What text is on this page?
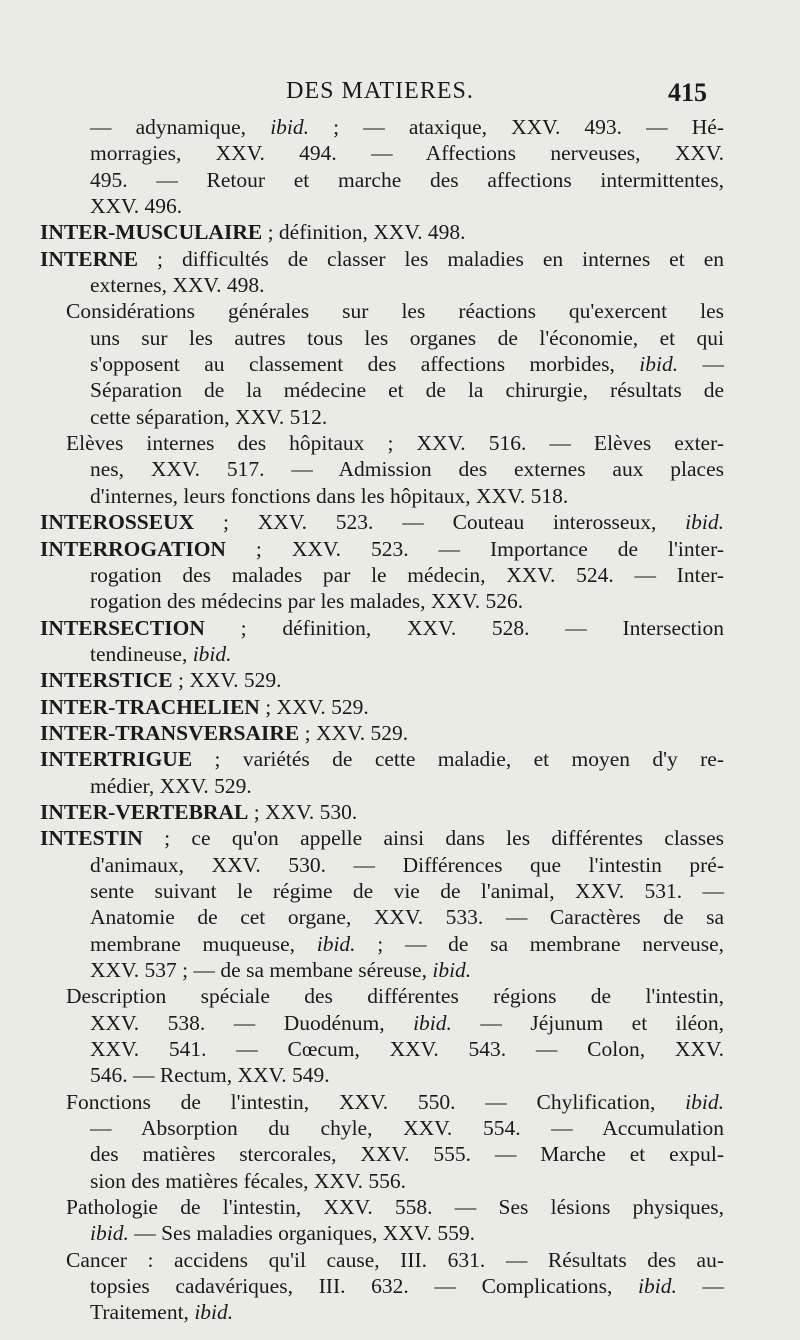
DES MATIERES.	415
— adynamique, ibid. ; — ataxique, XXV. 493. — Hé-
morragies, XXV. 494. — Affections nerveuses, XXV.
495. — Retour et marche des affections intermittentes,
XXV. 496.
INTER-MUSCULAIRE ; définition, XXV. 498.
INTERNE ; difficultés de classer les maladies en internes et en
externes, XXV. 498.
Considérations générales sur les réactions qu'exercent les
uns sur les autres tous les organes de l'économie, et qui
s'opposent au classement des affections morbides, ibid. —
Séparation de la médecine et de la chirurgie, résultats de
cette séparation, XXV. 512.
Elèves internes des hôpitaux ; XXV. 516. — Elèves exter-
nes, XXV. 517. — Admission des externes aux places
d'internes, leurs fonctions dans les hôpitaux, XXV. 518.
INTEROSSEUX ; XXV. 523. — Couteau interosseux, ibid.
INTERROGATION ; XXV. 523. — Importance de l'inter-
rogation des malades par le médecin, XXV. 524. — Inter-
rogation des médecins par les malades, XXV. 526.
INTERSECTION ; définition, XXV. 528. — Intersection
tendineuse, ibid.
INTERSTICE ; XXV. 529.
INTER-TRACHELIEN ; XXV. 529.
INTER-TRANSVERSAIRE ; XXV. 529.
INTERTRIGUE ; variétés de cette maladie, et moyen d'y re-
médier, XXV. 529.
INTER-VERTEBRAL ; XXV. 530.
INTESTIN ; ce qu'on appelle ainsi dans les différentes classes
d'animaux, XXV. 530. — Différences que l'intestin pré-
sente suivant le régime de vie de l'animal, XXV. 531. —
Anatomie de cet organe, XXV. 533. — Caractères de sa
membrane muqueuse, ibid. ; — de sa membrane nerveuse,
XXV. 537 ; — de sa membane séreuse, ibid.
Description spéciale des différentes régions de l'intestin,
XXV. 538. — Duodénum, ibid. — Jéjunum et iléon,
XXV. 541. — Cœcum, XXV. 543. — Colon, XXV.
546. — Rectum, XXV. 549.
Fonctions de l'intestin, XXV. 550. — Chylification, ibid.
— Absorption du chyle, XXV. 554. — Accumulation
des matières stercorales, XXV. 555. — Marche et expul-
sion des matières fécales, XXV. 556.
Pathologie de l'intestin, XXV. 558. — Ses lésions physiques,
ibid. — Ses maladies organiques, XXV. 559.
Cancer : accidens qu'il cause, III. 631. — Résultats des au-
topsies cadavériques, III. 632. — Complications, ibid. —
Traitement, ibid.
